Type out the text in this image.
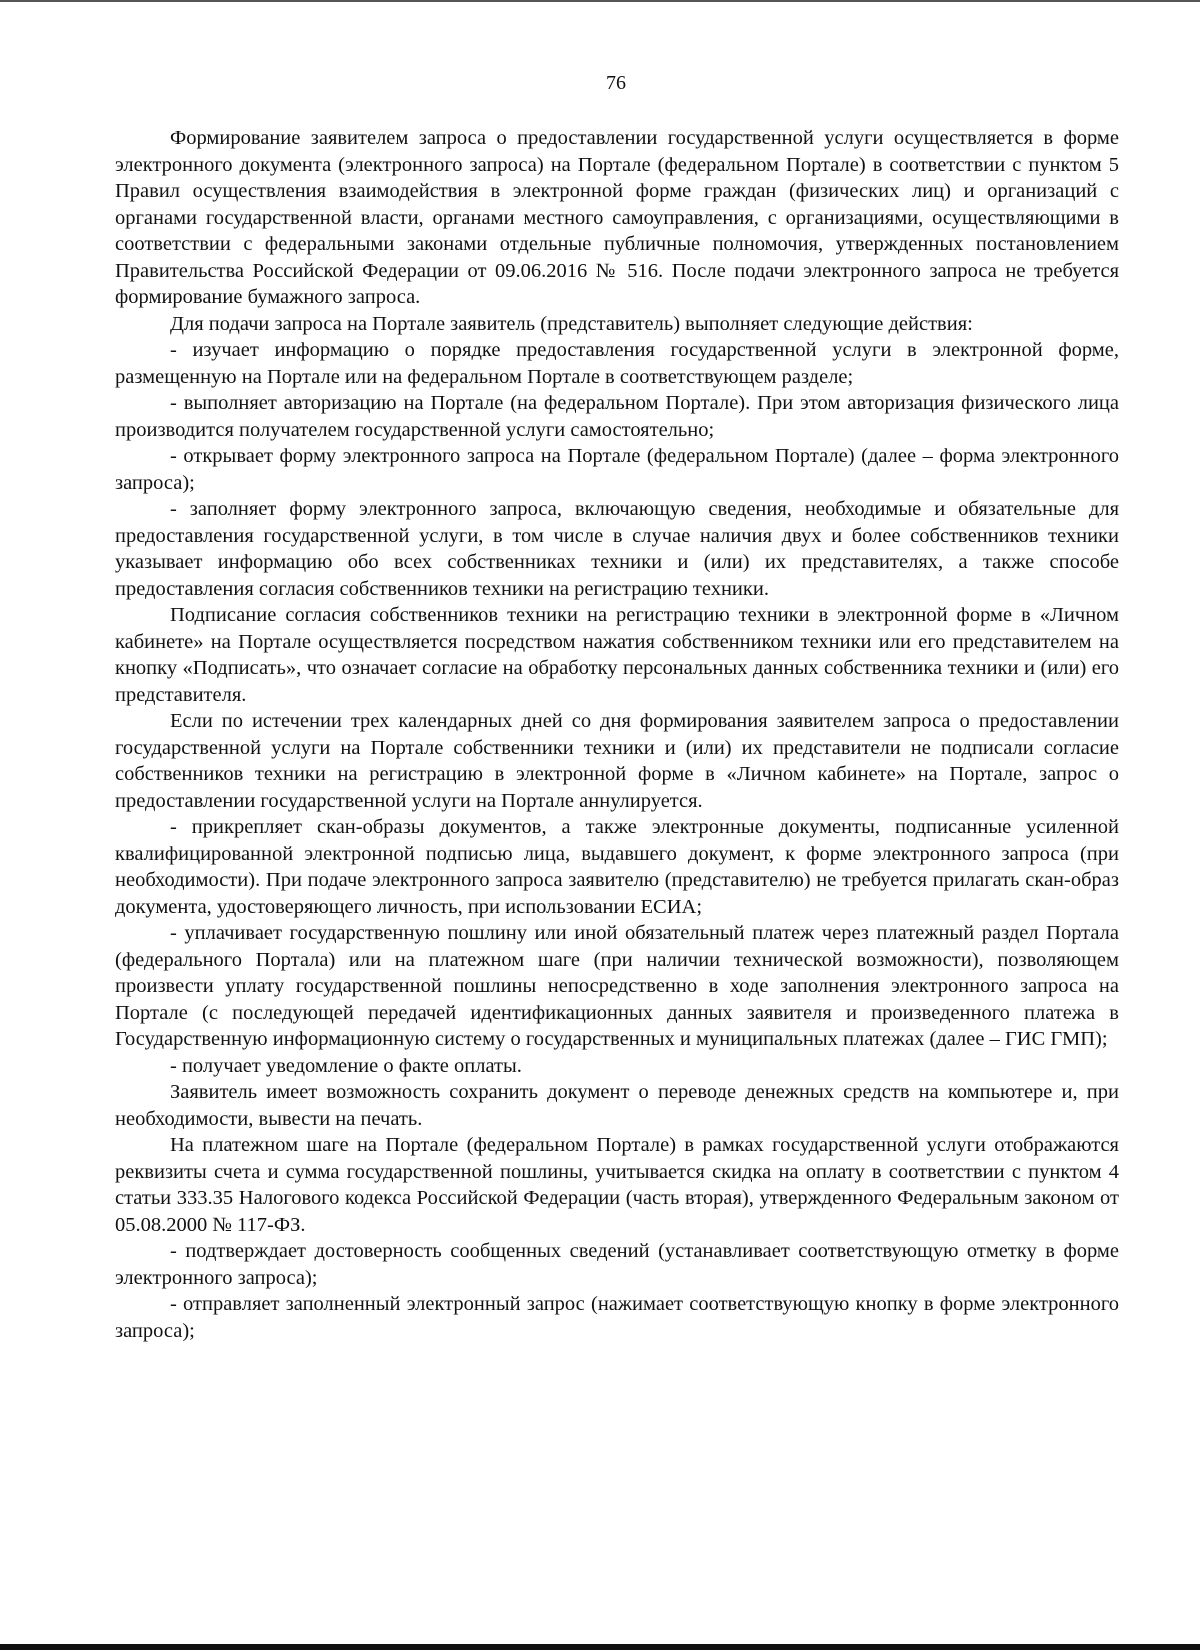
76

Формирование заявителем запроса о предоставлении государственной услуги осуществляется в форме электронного документа (электронного запроса) на Портале (федеральном Портале) в соответствии с пунктом 5 Правил осуществления взаимодействия в электронной форме граждан (физических лиц) и организаций с органами государственной власти, органами местного самоуправления, с организациями, осуществляющими в соответствии с федеральными законами отдельные публичные полномочия, утвержденных постановлением Правительства Российской Федерации от 09.06.2016 № 516. После подачи электронного запроса не требуется формирование бумажного запроса.

Для подачи запроса на Портале заявитель (представитель) выполняет следующие действия:

- изучает информацию о порядке предоставления государственной услуги в электронной форме, размещенную на Портале или на федеральном Портале в соответствующем разделе;

- выполняет авторизацию на Портале (на федеральном Портале). При этом авторизация физического лица производится получателем государственной услуги самостоятельно;

- открывает форму электронного запроса на Портале (федеральном Портале) (далее – форма электронного запроса);

- заполняет форму электронного запроса, включающую сведения, необходимые и обязательные для предоставления государственной услуги, в том числе в случае наличия двух и более собственников техники указывает информацию обо всех собственниках техники и (или) их представителях, а также способе предоставления согласия собственников техники на регистрацию техники.

Подписание согласия собственников техники на регистрацию техники в электронной форме в «Личном кабинете» на Портале осуществляется посредством нажатия собственником техники или его представителем на кнопку «Подписать», что означает согласие на обработку персональных данных собственника техники и (или) его представителя.

Если по истечении трех календарных дней со дня формирования заявителем запроса о предоставлении государственной услуги на Портале собственники техники и (или) их представители не подписали согласие собственников техники на регистрацию в электронной форме в «Личном кабинете» на Портале, запрос о предоставлении государственной услуги на Портале аннулируется.

- прикрепляет скан-образы документов, а также электронные документы, подписанные усиленной квалифицированной электронной подписью лица, выдавшего документ, к форме электронного запроса (при необходимости). При подаче электронного запроса заявителю (представителю) не требуется прилагать скан-образ документа, удостоверяющего личность, при использовании ЕСИА;

- уплачивает государственную пошлину или иной обязательный платеж через платежный раздел Портала (федерального Портала) или на платежном шаге (при наличии технической возможности), позволяющем произвести уплату государственной пошлины непосредственно в ходе заполнения электронного запроса на Портале (с последующей передачей идентификационных данных заявителя и произведенного платежа в Государственную информационную систему о государственных и муниципальных платежах (далее – ГИС ГМП);

- получает уведомление о факте оплаты.

Заявитель имеет возможность сохранить документ о переводе денежных средств на компьютере и, при необходимости, вывести на печать.

На платежном шаге на Портале (федеральном Портале) в рамках государственной услуги отображаются реквизиты счета и сумма государственной пошлины, учитывается скидка на оплату в соответствии с пунктом 4 статьи 333.35 Налогового кодекса Российской Федерации (часть вторая), утвержденного Федеральным законом от 05.08.2000 № 117-ФЗ.

- подтверждает достоверность сообщенных сведений (устанавливает соответствующую отметку в форме электронного запроса);

- отправляет заполненный электронный запрос (нажимает соответствующую кнопку в форме электронного запроса);
